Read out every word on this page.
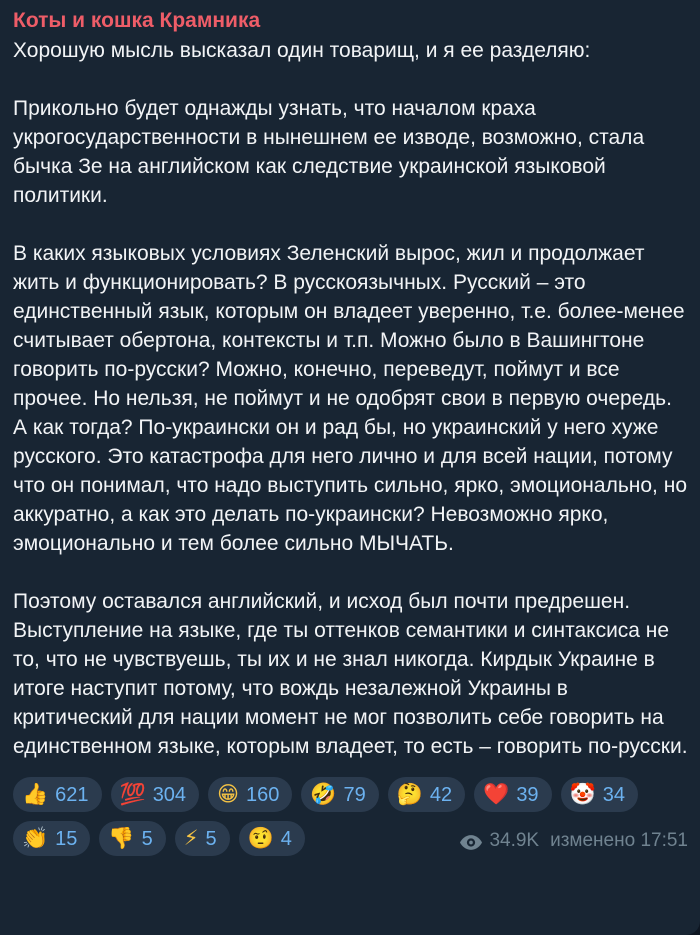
Коты и кошка Крамника

Хорошую мысль высказал один товарищ, и я ее разделяю:

Прикольно будет однажды узнать, что началом краха укрогосударственности в нынешнем ее изводе, возможно, стала бычка Зе на английском как следствие украинской языковой политики.

В каких языковых условиях Зеленский вырос, жил и продолжает жить и функционировать? В русскоязычных. Русский – это единственный язык, которым он владеет уверенно, т.е. более-менее считывает обертона, контексты и т.п. Можно было в Вашингтоне говорить по-русски? Можно, конечно, переведут, поймут и все прочее. Но нельзя, не поймут и не одобрят свои в первую очередь. А как тогда? По-украински он и рад бы, но украинский у него хуже русского. Это катастрофа для него лично и для всей нации, потому что он понимал, что надо выступить сильно, ярко, эмоционально, но аккуратно, а как это делать по-украински? Невозможно ярко, эмоционально и тем более сильно МЫЧАТЬ.

Поэтому оставался английский, и исход был почти предрешен. Выступление на языке, где ты оттенков семантики и синтаксиса не то, что не чувствуешь, ты их и не знал никогда. Кирдык Украине в итоге наступит потому, что вождь незалежной Украины в критический для нации момент не мог позволить себе говорить на единственном языке, которым владеет, то есть – говорить по-русски.

👍 621 💯 304 😁 160 🤣 79 🤔 42 ❤️ 39 🤡 34
👏 15 👎 5 ⚡ 5 🤨 4	34.9K изменено 17:51
